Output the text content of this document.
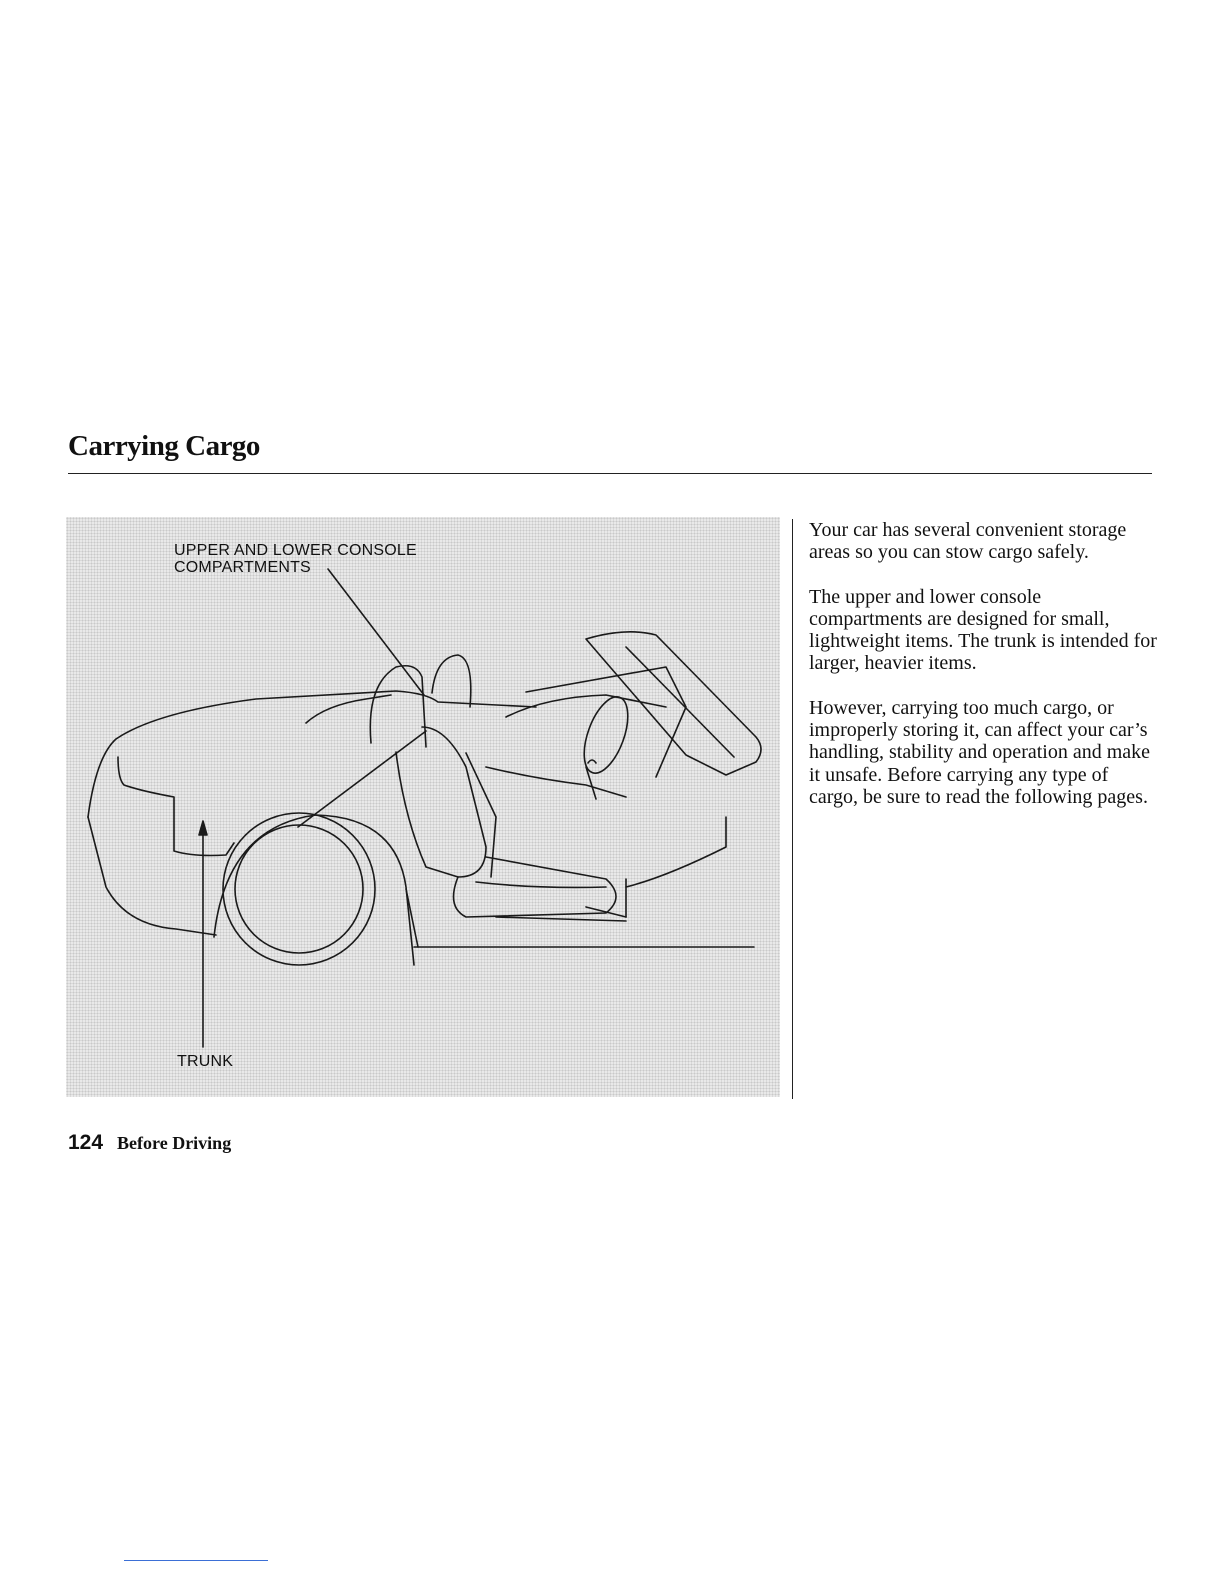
Carrying Cargo
UPPER AND LOWER CONSOLE
COMPARTMENTS
TRUNK

Your car has several convenient storage areas so you can stow cargo safely.

The upper and lower console compartments are designed for small, lightweight items. The trunk is intended for larger, heavier items.

However, carrying too much cargo, or improperly storing it, can affect your car’s handling, stability and operation and make it unsafe. Before carrying any type of cargo, be sure to read the following pages.

124 Before Driving
